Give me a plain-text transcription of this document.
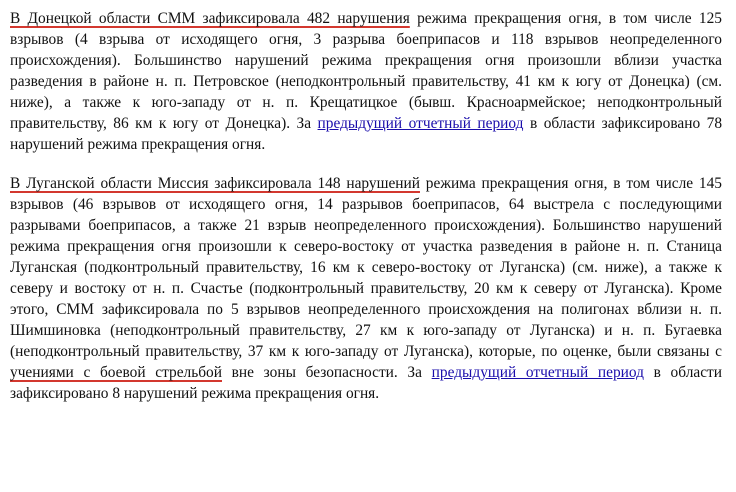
В Донецкой области СММ зафиксировала 482 нарушения режима прекращения огня, в том числе 125 взрывов (4 взрыва от исходящего огня, 3 разрыва боеприпасов и 118 взрывов неопределенного происхождения). Большинство нарушений режима прекращения огня произошли вблизи участка разведения в районе н. п. Петровское (неподконтрольный правительству, 41 км к югу от Донецка) (см. ниже), а также к юго-западу от н. п. Крещатицкое (бывш. Красноармейское; неподконтрольный правительству, 86 км к югу от Донецка). За предыдущий отчетный период в области зафиксировано 78 нарушений режима прекращения огня.

В Луганской области Миссия зафиксировала 148 нарушений режима прекращения огня, в том числе 145 взрывов (46 взрывов от исходящего огня, 14 разрывов боеприпасов, 64 выстрела с последующими разрывами боеприпасов, а также 21 взрыв неопределенного происхождения). Большинство нарушений режима прекращения огня произошли к северо-востоку от участка разведения в районе н. п. Станица Луганская (подконтрольный правительству, 16 км к северо-востоку от Луганска) (см. ниже), а также к северу и востоку от н. п. Счастье (подконтрольный правительству, 20 км к северу от Луганска). Кроме этого, СММ зафиксировала по 5 взрывов неопределенного происхождения на полигонах вблизи н. п. Шимшиновка (неподконтрольный правительству, 27 км к юго-западу от Луганска) и н. п. Бугаевка (неподконтрольный правительству, 37 км к юго-западу от Луганска), которые, по оценке, были связаны с учениями с боевой стрельбой вне зоны безопасности. За предыдущий отчетный период в области зафиксировано 8 нарушений режима прекращения огня.
